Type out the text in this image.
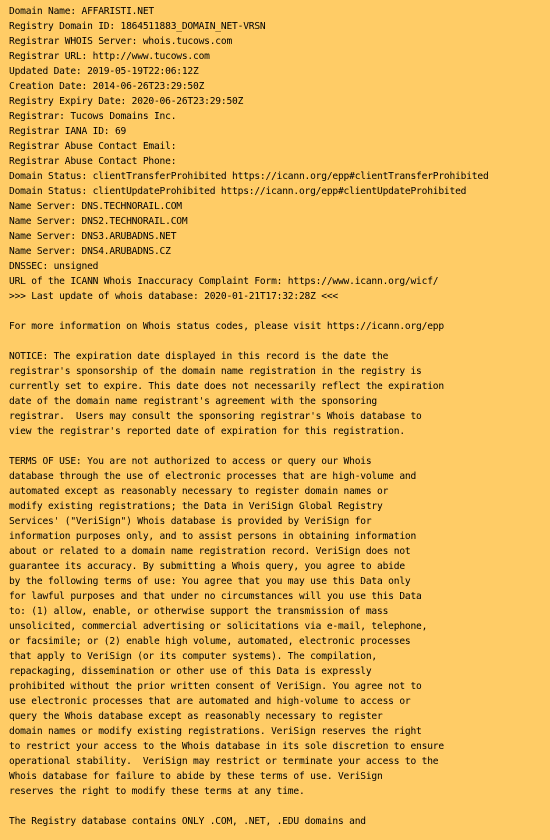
Domain Name: AFFARISTI.NET
Registry Domain ID: 1864511883_DOMAIN_NET-VRSN
Registrar WHOIS Server: whois.tucows.com
Registrar URL: http://www.tucows.com
Updated Date: 2019-05-19T22:06:12Z
Creation Date: 2014-06-26T23:29:50Z
Registry Expiry Date: 2020-06-26T23:29:50Z
Registrar: Tucows Domains Inc.
Registrar IANA ID: 69
Registrar Abuse Contact Email:
Registrar Abuse Contact Phone:
Domain Status: clientTransferProhibited https://icann.org/epp#clientTransferProhibited
Domain Status: clientUpdateProhibited https://icann.org/epp#clientUpdateProhibited
Name Server: DNS.TECHNORAIL.COM
Name Server: DNS2.TECHNORAIL.COM
Name Server: DNS3.ARUBADNS.NET
Name Server: DNS4.ARUBADNS.CZ
DNSSEC: unsigned
URL of the ICANN Whois Inaccuracy Complaint Form: https://www.icann.org/wicf/
>>> Last update of whois database: 2020-01-21T17:32:28Z <<<
For more information on Whois status codes, please visit https://icann.org/epp
NOTICE: The expiration date displayed in this record is the date the
registrar's sponsorship of the domain name registration in the registry is
currently set to expire. This date does not necessarily reflect the expiration
date of the domain name registrant's agreement with the sponsoring
registrar.  Users may consult the sponsoring registrar's Whois database to
view the registrar's reported date of expiration for this registration.
TERMS OF USE: You are not authorized to access or query our Whois
database through the use of electronic processes that are high-volume and
automated except as reasonably necessary to register domain names or
modify existing registrations; the Data in VeriSign Global Registry
Services' ("VeriSign") Whois database is provided by VeriSign for
information purposes only, and to assist persons in obtaining information
about or related to a domain name registration record. VeriSign does not
guarantee its accuracy. By submitting a Whois query, you agree to abide
by the following terms of use: You agree that you may use this Data only
for lawful purposes and that under no circumstances will you use this Data
to: (1) allow, enable, or otherwise support the transmission of mass
unsolicited, commercial advertising or solicitations via e-mail, telephone,
or facsimile; or (2) enable high volume, automated, electronic processes
that apply to VeriSign (or its computer systems). The compilation,
repackaging, dissemination or other use of this Data is expressly
prohibited without the prior written consent of VeriSign. You agree not to
use electronic processes that are automated and high-volume to access or
query the Whois database except as reasonably necessary to register
domain names or modify existing registrations. VeriSign reserves the right
to restrict your access to the Whois database in its sole discretion to ensure
operational stability.  VeriSign may restrict or terminate your access to the
Whois database for failure to abide by these terms of use. VeriSign
reserves the right to modify these terms at any time.
The Registry database contains ONLY .COM, .NET, .EDU domains and
